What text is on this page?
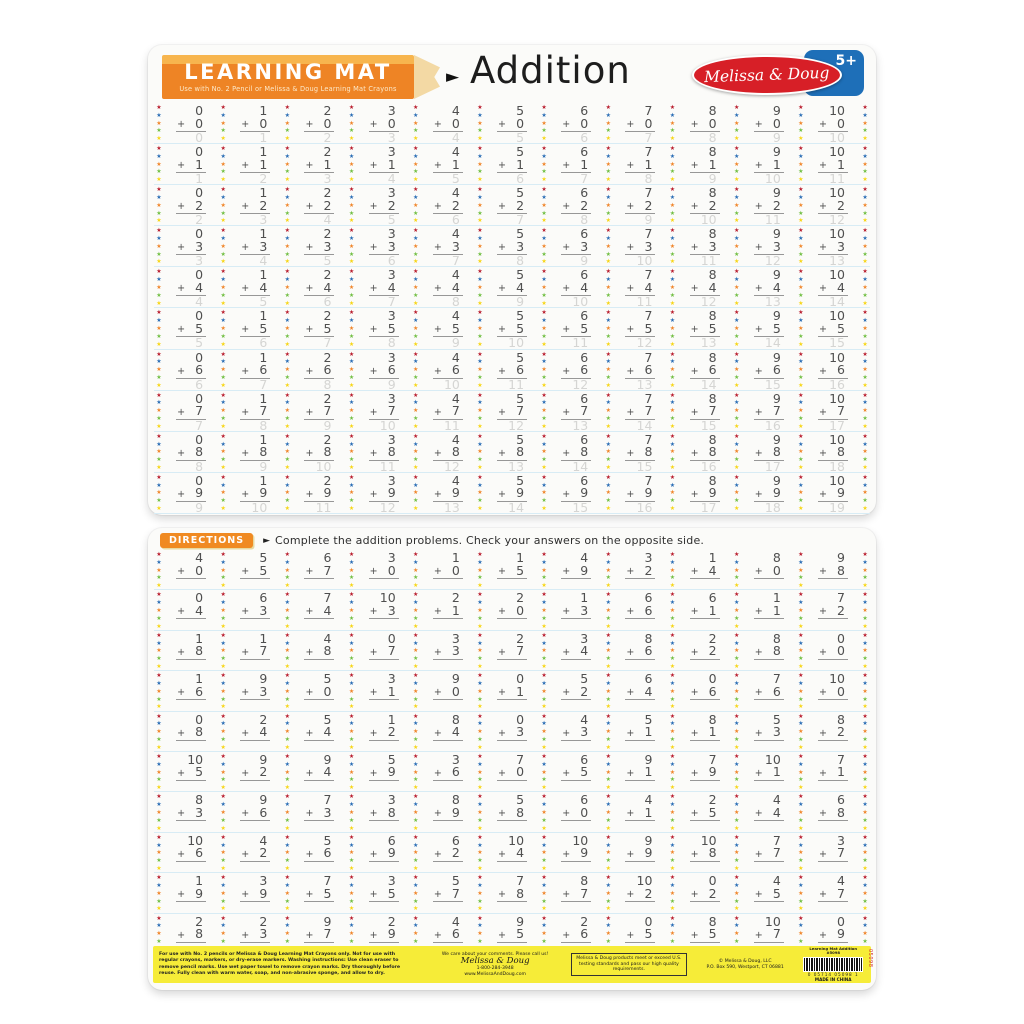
LEARNING MAT
Use with No. 2 Pencil or Melissa & Doug Learning Mat Crayons
► Addition	5+
Melissa & Doug
★
★
★
★
★
0
+ 0
0
★
★
★
★
★
1
+ 0
1
★
★
★
★
★
2
+ 0
2
★
★
★
★
★
3
+ 0
3
★
★
★
★
★
4
+ 0
4
★
★
★
★
★
5
+ 0
5
★
★
★
★
★
6
+ 0
6
★
★
★
★
★
7
+ 0
7
★
★
★
★
★
8
+ 0
8
★
★
★
★
★
9
+ 0
9
★
★
★
★
★
10
+ 0
10
★
★
★
★
★
★
★
★
★
★
0
+ 1
1
★
★
★
★
★
1
+ 1
2
★
★
★
★
★
2
+ 1
3
★
★
★
★
★
3
+ 1
4
★
★
★
★
★
4
+ 1
5
★
★
★
★
★
5
+ 1
6
★
★
★
★
★
6
+ 1
7
★
★
★
★
★
7
+ 1
8
★
★
★
★
★
8
+ 1
9
★
★
★
★
★
9
+ 1
10
★
★
★
★
★
10
+ 1
11
★
★
★
★
★
★
★
★
★
★
0
+ 2
2
★
★
★
★
★
1
+ 2
3
★
★
★
★
★
2
+ 2
4
★
★
★
★
★
3
+ 2
5
★
★
★
★
★
4
+ 2
6
★
★
★
★
★
5
+ 2
7
★
★
★
★
★
6
+ 2
8
★
★
★
★
★
7
+ 2
9
★
★
★
★
★
8
+ 2
10
★
★
★
★
★
9
+ 2
11
★
★
★
★
★
10
+ 2
12
★
★
★
★
★
★
★
★
★
★
0
+ 3
3
★
★
★
★
★
1
+ 3
4
★
★
★
★
★
2
+ 3
5
★
★
★
★
★
3
+ 3
6
★
★
★
★
★
4
+ 3
7
★
★
★
★
★
5
+ 3
8
★
★
★
★
★
6
+ 3
9
★
★
★
★
★
7
+ 3
10
★
★
★
★
★
8
+ 3
11
★
★
★
★
★
9
+ 3
12
★
★
★
★
★
10
+ 3
13
★
★
★
★
★
★
★
★
★
★
0
+ 4
4
★
★
★
★
★
1
+ 4
5
★
★
★
★
★
2
+ 4
6
★
★
★
★
★
3
+ 4
7
★
★
★
★
★
4
+ 4
8
★
★
★
★
★
5
+ 4
9
★
★
★
★
★
6
+ 4
10
★
★
★
★
★
7
+ 4
11
★
★
★
★
★
8
+ 4
12
★
★
★
★
★
9
+ 4
13
★
★
★
★
★
10
+ 4
14
★
★
★
★
★
★
★
★
★
★
0
+ 5
5
★
★
★
★
★
1
+ 5
6
★
★
★
★
★
2
+ 5
7
★
★
★
★
★
3
+ 5
8
★
★
★
★
★
4
+ 5
9
★
★
★
★
★
5
+ 5
10
★
★
★
★
★
6
+ 5
11
★
★
★
★
★
7
+ 5
12
★
★
★
★
★
8
+ 5
13
★
★
★
★
★
9
+ 5
14
★
★
★
★
★
10
+ 5
15
★
★
★
★
★
★
★
★
★
★
0
+ 6
6
★
★
★
★
★
1
+ 6
7
★
★
★
★
★
2
+ 6
8
★
★
★
★
★
3
+ 6
9
★
★
★
★
★
4
+ 6
10
★
★
★
★
★
5
+ 6
11
★
★
★
★
★
6
+ 6
12
★
★
★
★
★
7
+ 6
13
★
★
★
★
★
8
+ 6
14
★
★
★
★
★
9
+ 6
15
★
★
★
★
★
10
+ 6
16
★
★
★
★
★
★
★
★
★
★
0
+ 7
7
★
★
★
★
★
1
+ 7
8
★
★
★
★
★
2
+ 7
9
★
★
★
★
★
3
+ 7
10
★
★
★
★
★
4
+ 7
11
★
★
★
★
★
5
+ 7
12
★
★
★
★
★
6
+ 7
13
★
★
★
★
★
7
+ 7
14
★
★
★
★
★
8
+ 7
15
★
★
★
★
★
9
+ 7
16
★
★
★
★
★
10
+ 7
17
★
★
★
★
★
★
★
★
★
★
0
+ 8
8
★
★
★
★
★
1
+ 8
9
★
★
★
★
★
2
+ 8
10
★
★
★
★
★
3
+ 8
11
★
★
★
★
★
4
+ 8
12
★
★
★
★
★
5
+ 8
13
★
★
★
★
★
6
+ 8
14
★
★
★
★
★
7
+ 8
15
★
★
★
★
★
8
+ 8
16
★
★
★
★
★
9
+ 8
17
★
★
★
★
★
10
+ 8
18
★
★
★
★
★
★
★
★
★
★
0
+ 9
9
★
★
★
★
★
1
+ 9
10
★
★
★
★
★
2
+ 9
11
★
★
★
★
★
3
+ 9
12
★
★
★
★
★
4
+ 9
13
★
★
★
★
★
5
+ 9
14
★
★
★
★
★
6
+ 9
15
★
★
★
★
★
7
+ 9
16
★
★
★
★
★
8
+ 9
17
★
★
★
★
★
9
+ 9
18
★
★
★
★
★
10
+ 9
19
★
★
★
★
★
DIRECTIONS	► Complete the addition problems. Check your answers on the opposite side.
★
★
★
★
★
4
+ 0

★
★
★
★
★
5
+ 5

★
★
★
★
★
6
+ 7

★
★
★
★
★
3
+ 0

★
★
★
★
★
1
+ 0

★
★
★
★
★
1
+ 5

★
★
★
★
★
4
+ 9

★
★
★
★
★
3
+ 2

★
★
★
★
★
1
+ 4

★
★
★
★
★
8
+ 0

★
★
★
★
★
9
+ 8

★
★
★
★
★
★
★
★
★
★
0
+ 4

★
★
★
★
★
6
+ 3

★
★
★
★
★
7
+ 4

★
★
★
★
★
10
+ 3

★
★
★
★
★
2
+ 1

★
★
★
★
★
2
+ 0

★
★
★
★
★
1
+ 3

★
★
★
★
★
6
+ 6

★
★
★
★
★
6
+ 1

★
★
★
★
★
1
+ 1

★
★
★
★
★
7
+ 2

★
★
★
★
★
★
★
★
★
★
1
+ 8

★
★
★
★
★
1
+ 7

★
★
★
★
★
4
+ 8

★
★
★
★
★
0
+ 7

★
★
★
★
★
3
+ 3

★
★
★
★
★
2
+ 7

★
★
★
★
★
3
+ 4

★
★
★
★
★
8
+ 6

★
★
★
★
★
2
+ 2

★
★
★
★
★
8
+ 8

★
★
★
★
★
0
+ 0

★
★
★
★
★
★
★
★
★
★
1
+ 6

★
★
★
★
★
9
+ 3

★
★
★
★
★
5
+ 0

★
★
★
★
★
3
+ 1

★
★
★
★
★
9
+ 0

★
★
★
★
★
0
+ 1

★
★
★
★
★
5
+ 2

★
★
★
★
★
6
+ 4

★
★
★
★
★
0
+ 6

★
★
★
★
★
7
+ 6

★
★
★
★
★
10
+ 0

★
★
★
★
★
★
★
★
★
★
0
+ 8

★
★
★
★
★
2
+ 4

★
★
★
★
★
5
+ 4

★
★
★
★
★
1
+ 2

★
★
★
★
★
8
+ 4

★
★
★
★
★
0
+ 3

★
★
★
★
★
4
+ 3

★
★
★
★
★
5
+ 1

★
★
★
★
★
8
+ 1

★
★
★
★
★
5
+ 3

★
★
★
★
★
8
+ 2

★
★
★
★
★
★
★
★
★
★
10
+ 5

★
★
★
★
★
9
+ 2

★
★
★
★
★
9
+ 4

★
★
★
★
★
5
+ 9

★
★
★
★
★
3
+ 6

★
★
★
★
★
7
+ 0

★
★
★
★
★
6
+ 5

★
★
★
★
★
9
+ 1

★
★
★
★
★
7
+ 9

★
★
★
★
★
10
+ 1

★
★
★
★
★
7
+ 1

★
★
★
★
★
★
★
★
★
★
8
+ 3

★
★
★
★
★
9
+ 6

★
★
★
★
★
7
+ 3

★
★
★
★
★
3
+ 8

★
★
★
★
★
8
+ 9

★
★
★
★
★
5
+ 8

★
★
★
★
★
6
+ 0

★
★
★
★
★
4
+ 1

★
★
★
★
★
2
+ 5

★
★
★
★
★
4
+ 4

★
★
★
★
★
6
+ 8

★
★
★
★
★
★
★
★
★
★
10
+ 6

★
★
★
★
★
4
+ 2

★
★
★
★
★
5
+ 6

★
★
★
★
★
6
+ 9

★
★
★
★
★
6
+ 2

★
★
★
★
★
10
+ 4

★
★
★
★
★
10
+ 9

★
★
★
★
★
9
+ 9

★
★
★
★
★
10
+ 8

★
★
★
★
★
7
+ 7

★
★
★
★
★
3
+ 7

★
★
★
★
★
★
★
★
★
★
1
+ 9

★
★
★
★
★
3
+ 9

★
★
★
★
★
7
+ 5

★
★
★
★
★
3
+ 5

★
★
★
★
★
5
+ 7

★
★
★
★
★
7
+ 8

★
★
★
★
★
8
+ 7

★
★
★
★
★
10
+ 2

★
★
★
★
★
0
+ 2

★
★
★
★
★
4
+ 5

★
★
★
★
★
4
+ 7

★
★
★
★
★
★
★
★
★
2
+ 8

★
★
★
★
2
+ 3

★
★
★
★
9
+ 7

★
★
★
★
2
+ 9

★
★
★
★
4
+ 6

★
★
★
★
9
+ 5

★
★
★
★
2
+ 6

★
★
★
★
0
+ 5

★
★
★
★
8
+ 5

★
★
★
★
10
+ 7

★
★
★
★
0
+ 9

★
★
★
★
For use with No. 2 pencils or Melissa & Doug Learning Mat Crayons only. Not for use with regular crayons, markers, or dry-erase markers. Washing instructions: Use clean eraser to remove pencil marks. Use wet paper towel to remove crayon marks. Dry thoroughly before reuse. Fully clean with warm water, soap, and non-abrasive sponge, and allow to dry.
We care about your comments. Please call us!
Melissa & Doug
1-800-284-3948
www.MelissaAndDoug.com
Melissa & Doug products meet or exceed U.S. testing standards and pass our high quality requirements.
© Melissa & Doug, LLC
P.O. Box 590, Westport, CT 06881
Learning Mat Addition
#5098
0 05714 05098 1
MADE IN CHINA
05098
